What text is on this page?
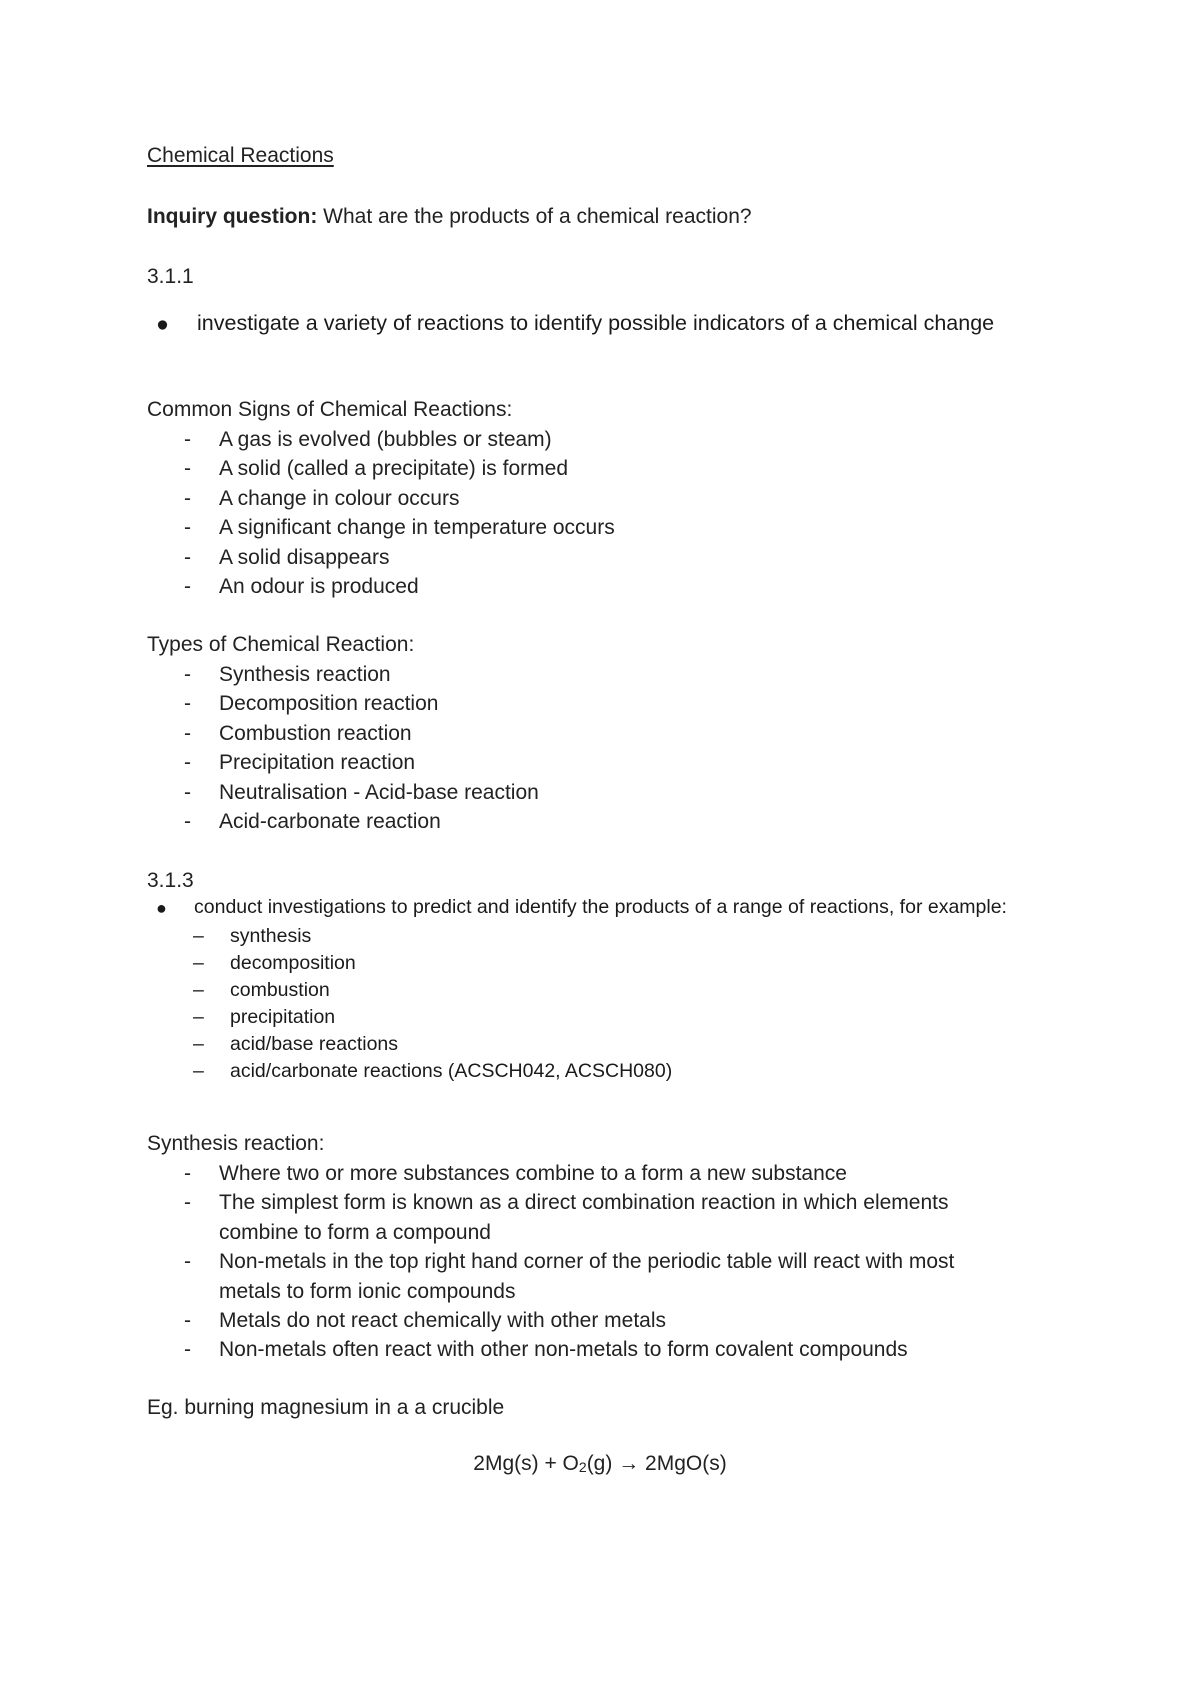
Chemical Reactions
Inquiry question: What are the products of a chemical reaction?
3.1.1
● investigate a variety of reactions to identify possible indicators of a chemical change
Common Signs of Chemical Reactions:
- A gas is evolved (bubbles or steam)
- A solid (called a precipitate) is formed
- A change in colour occurs
- A significant change in temperature occurs
- A solid disappears
- An odour is produced
Types of Chemical Reaction:
- Synthesis reaction
- Decomposition reaction
- Combustion reaction
- Precipitation reaction
- Neutralisation - Acid-base reaction
- Acid-carbonate reaction
3.1.3
● conduct investigations to predict and identify the products of a range of reactions, for example:
– synthesis
– decomposition
– combustion
– precipitation
– acid/base reactions
– acid/carbonate reactions (ACSCH042, ACSCH080)
Synthesis reaction:
- Where two or more substances combine to a form a new substance
- The simplest form is known as a direct combination reaction in which elements combine to form a compound
- Non-metals in the top right hand corner of the periodic table will react with most metals to form ionic compounds
- Metals do not react chemically with other metals
- Non-metals often react with other non-metals to form covalent compounds
Eg. burning magnesium in a a crucible
$2Mg(s) + O_2(g) \to 2MgO(s)$
